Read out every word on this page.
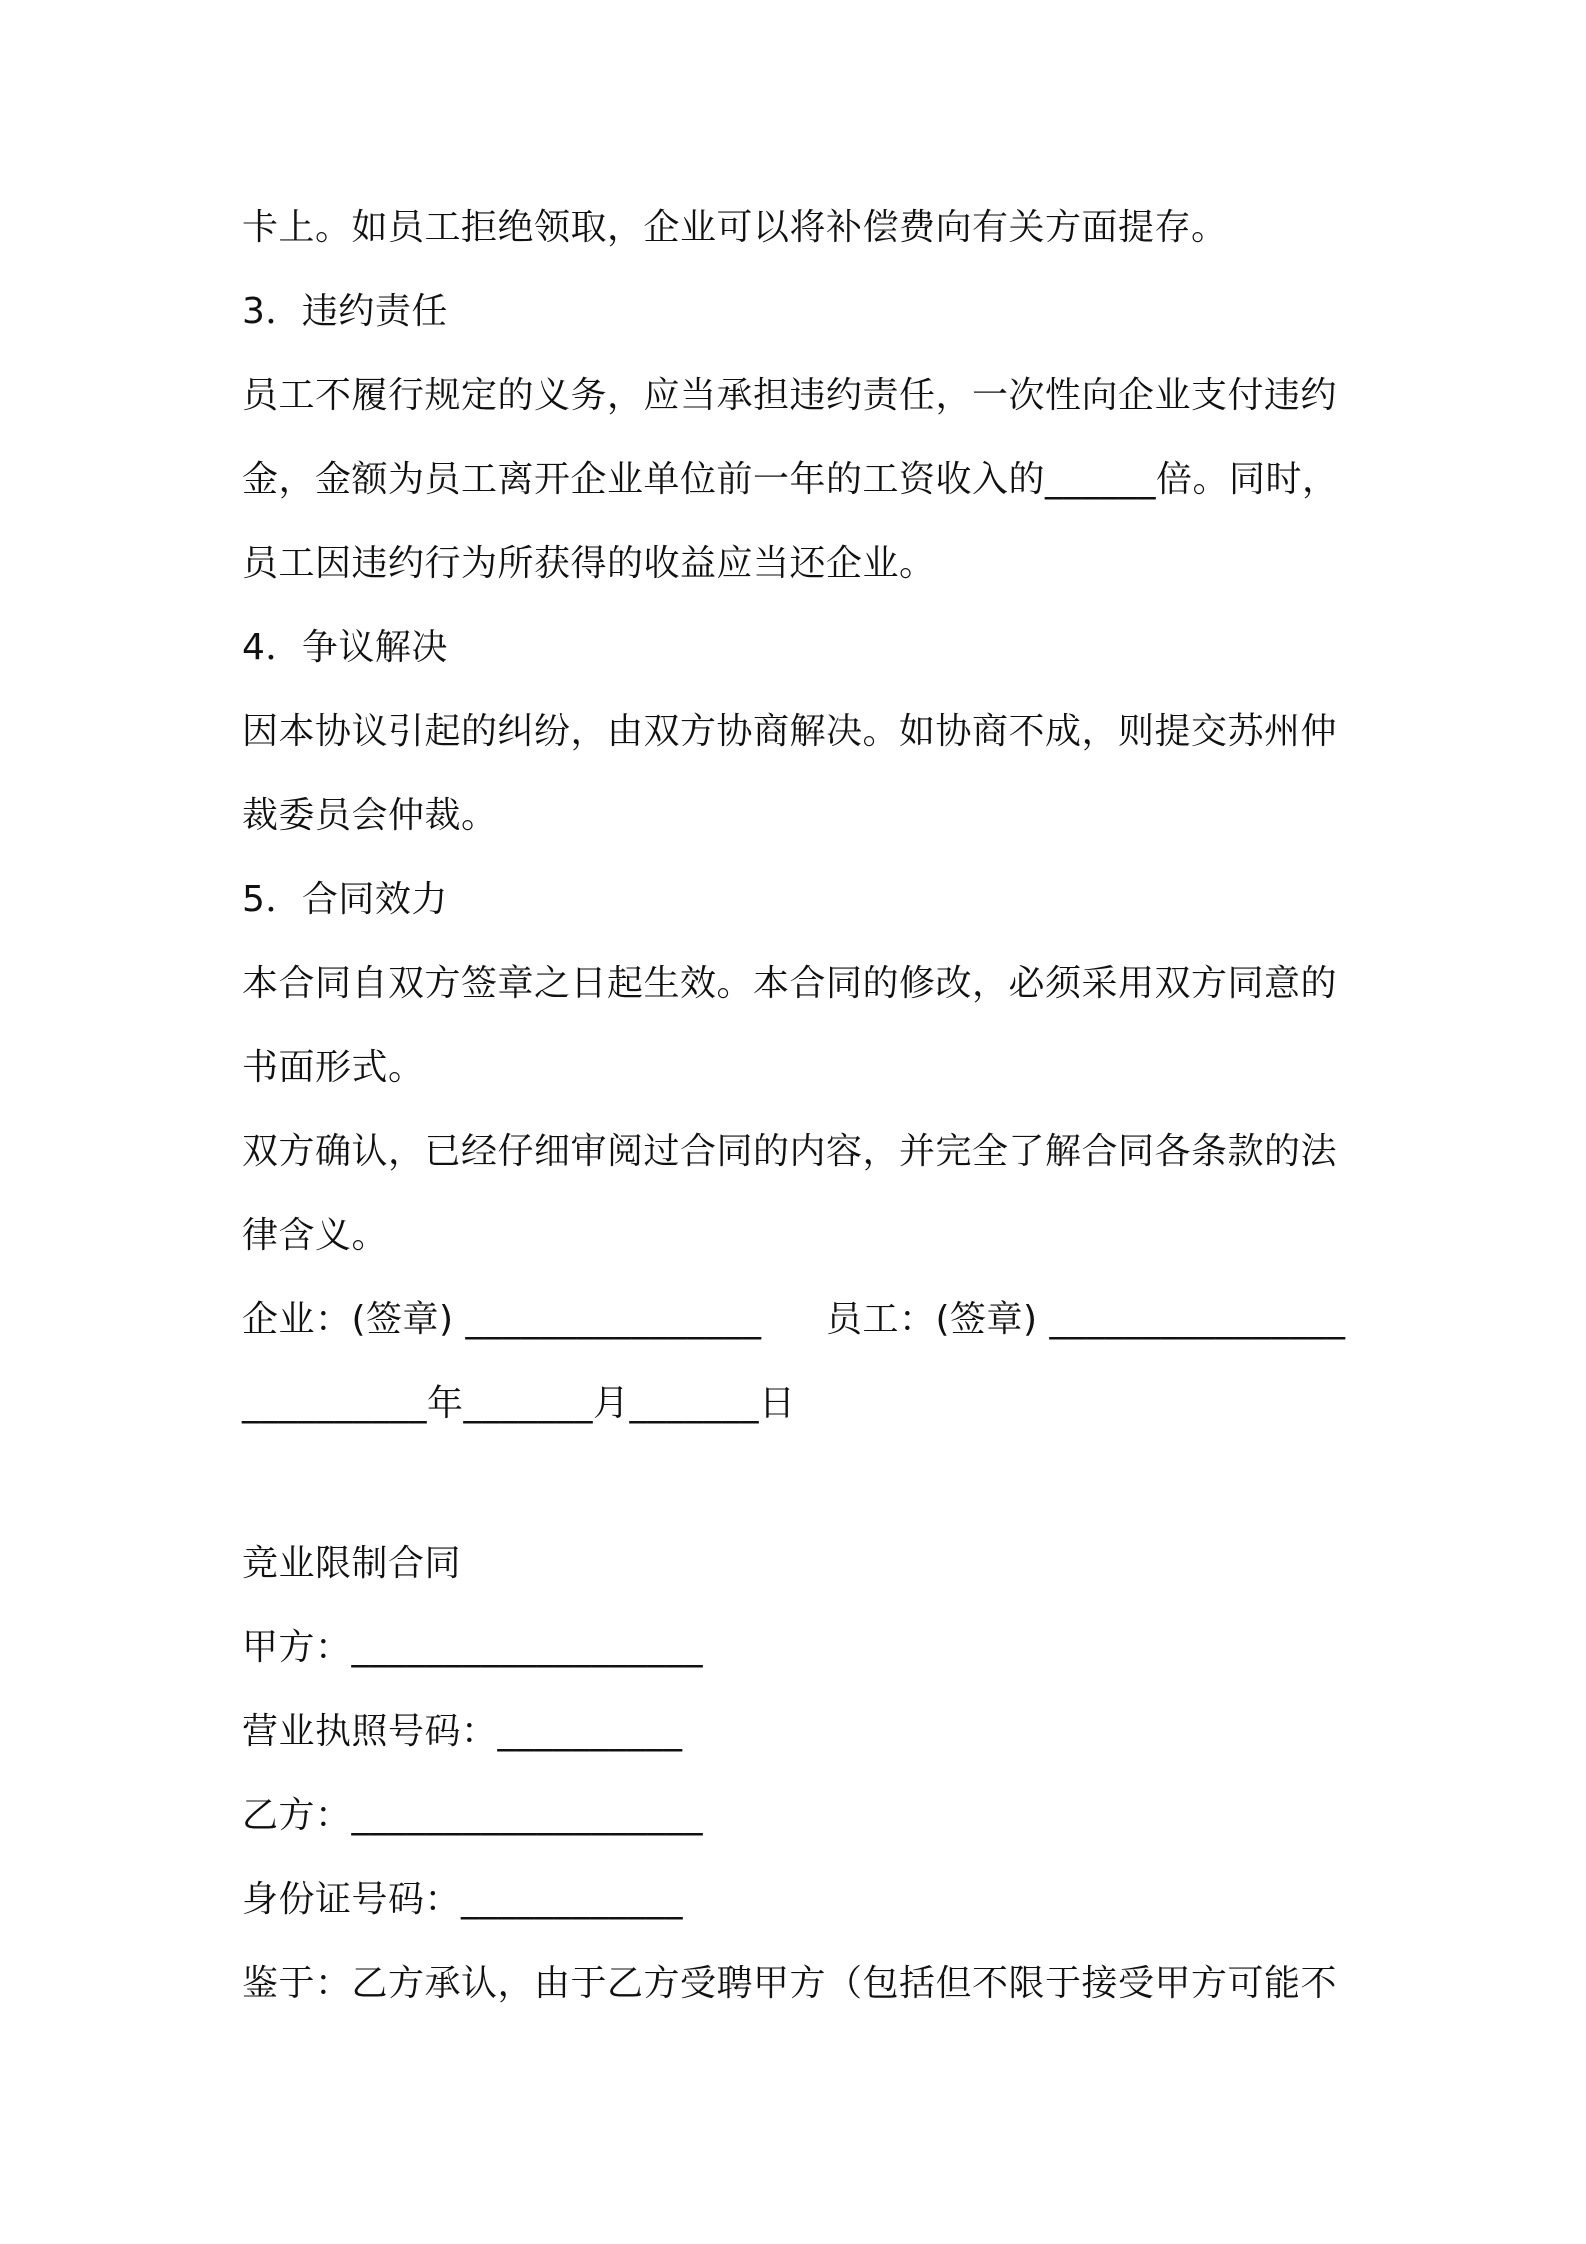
卡上。如员工拒绝领取，企业可以将补偿费向有关方面提存。
3．违约责任
员工不履行规定的义务，应当承担违约责任，一次性向企业支付违约
金，金额为员工离开企业单位前一年的工资收入的______倍。同时，
员工因违约行为所获得的收益应当还企业。
4．争议解决
因本协议引起的纠纷，由双方协商解决。如协商不成，则提交苏州仲
裁委员会仲裁。
5．合同效力
本合同自双方签章之日起生效。本合同的修改，必须采用双方同意的
书面形式。
双方确认，已经仔细审阅过合同的内容，并完全了解合同各条款的法
律含义。
企业：(签章) ________________	员工：(签章) ________________
__________年_______月_______日
竞业限制合同
甲方：___________________
营业执照号码：__________
乙方：___________________
身份证号码：____________
鉴于：乙方承认，由于乙方受聘甲方（包括但不限于接受甲方可能不
